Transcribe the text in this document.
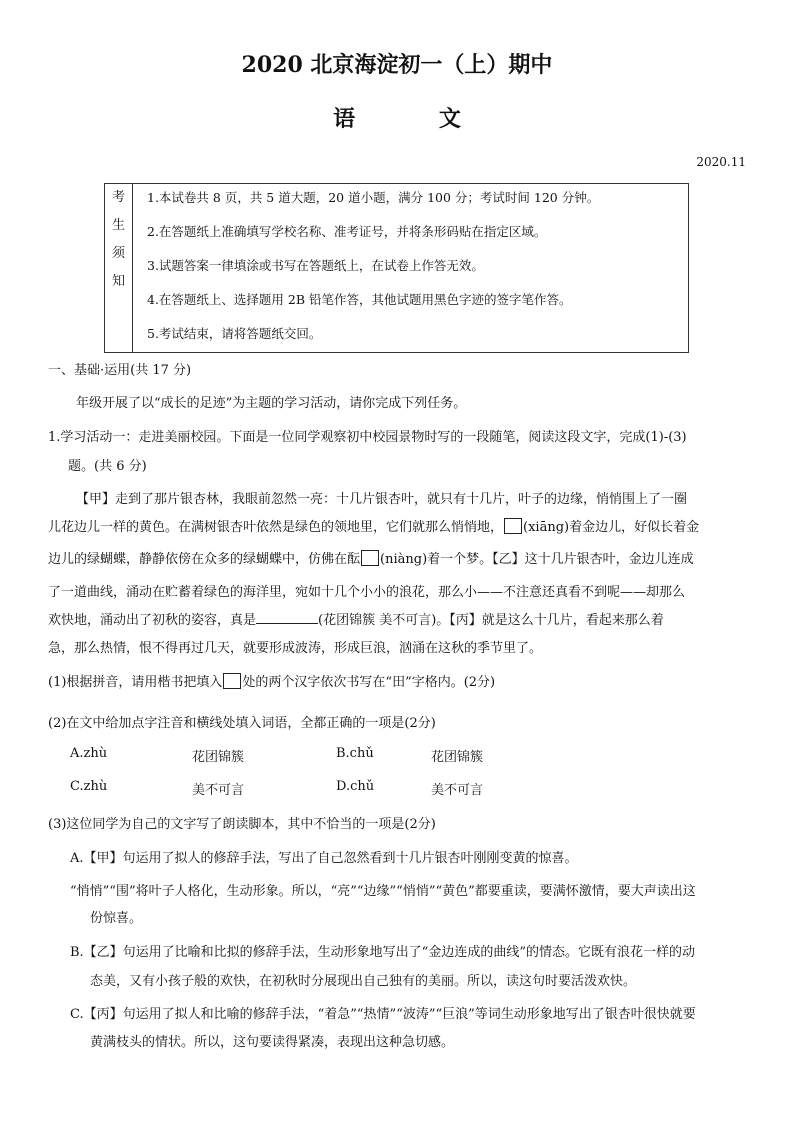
2020 北京海淀初一（上）期中
语 文
2020.11
考
生
须
知
1.本试卷共 8 页，共 5 道大题，20 道小题，满分 100 分；考试时间 120 分钟。
2.在答题纸上准确填写学校名称、准考证号，并将条形码贴在指定区域。
3.试题答案一律填涂或书写在答题纸上，在试卷上作答无效。
4.在答题纸上、选择题用 2B 铅笔作答，其他试题用黑色字迹的签字笔作答。
5.考试结束，请将答题纸交回。
一、基础·运用(共 17 分)
年级开展了以“成长的足迹”为主题的学习活动，请你完成下列任务。
1.学习活动一：走进美丽校园。下面是一位同学观察初中校园景物时写的一段随笔，阅读这段文字，完成(1)-(3)
题。(共 6 分)
【甲】走到了那片银杏林，我眼前忽然一亮：十几片银杏叶，就只有十几片，叶子的边缘，悄悄围上了一圈
儿花边儿一样的黄色。在满树银杏叶依然是绿色的领地里，它们就那么悄悄地， (xiāng)着金边儿，好似长着金
边儿的绿蝴蝶，静静依傍在众多的绿蝴蝶中，仿佛在酝 (niàng)着一个梦。【乙】这十几片银杏叶，金边儿连成
了一道曲线，涌动在贮蓄着绿色的海洋里，宛如十几个小小的浪花，那么小——不注意还真看不到呢——却那么
欢快地，涌动出了初秋的姿容，真是	(花团锦簇 美不可言)。【丙】就是这么十几片，看起来那么着
急，那么热情，恨不得再过几天，就要形成波涛，形成巨浪，汹涌在这秋的季节里了。
(1)根据拼音，请用楷书把填入 处的两个汉字依次书写在“田”字格内。(2分)
(2)在文中给加点字注音和横线处填入词语，全都正确的一项是(2分)
A.zhù	花团锦簇	B.chǔ	花团锦簇
C.zhù	美不可言	D.chǔ	美不可言
(3)这位同学为自己的文字写了朗读脚本，其中不恰当的一项是(2分)
A.【甲】句运用了拟人的修辞手法，写出了自己忽然看到十几片银杏叶刚刚变黄的惊喜。
“悄悄”“围”将叶子人格化，生动形象。所以，“亮”“边缘”“悄悄”“黄色”都要重读，要满怀激情，要大声读出这
份惊喜。
B.【乙】句运用了比喻和比拟的修辞手法，生动形象地写出了“金边连成的曲线”的情态。它既有浪花一样的动
态美，又有小孩子般的欢快，在初秋时分展现出自己独有的美丽。所以，读这句时要活泼欢快。
C.【丙】句运用了拟人和比喻的修辞手法，“着急”“热情”“波涛”“巨浪”等词生动形象地写出了银杏叶很快就要
黄满枝头的情状。所以，这句要读得紧凑，表现出这种急切感。
